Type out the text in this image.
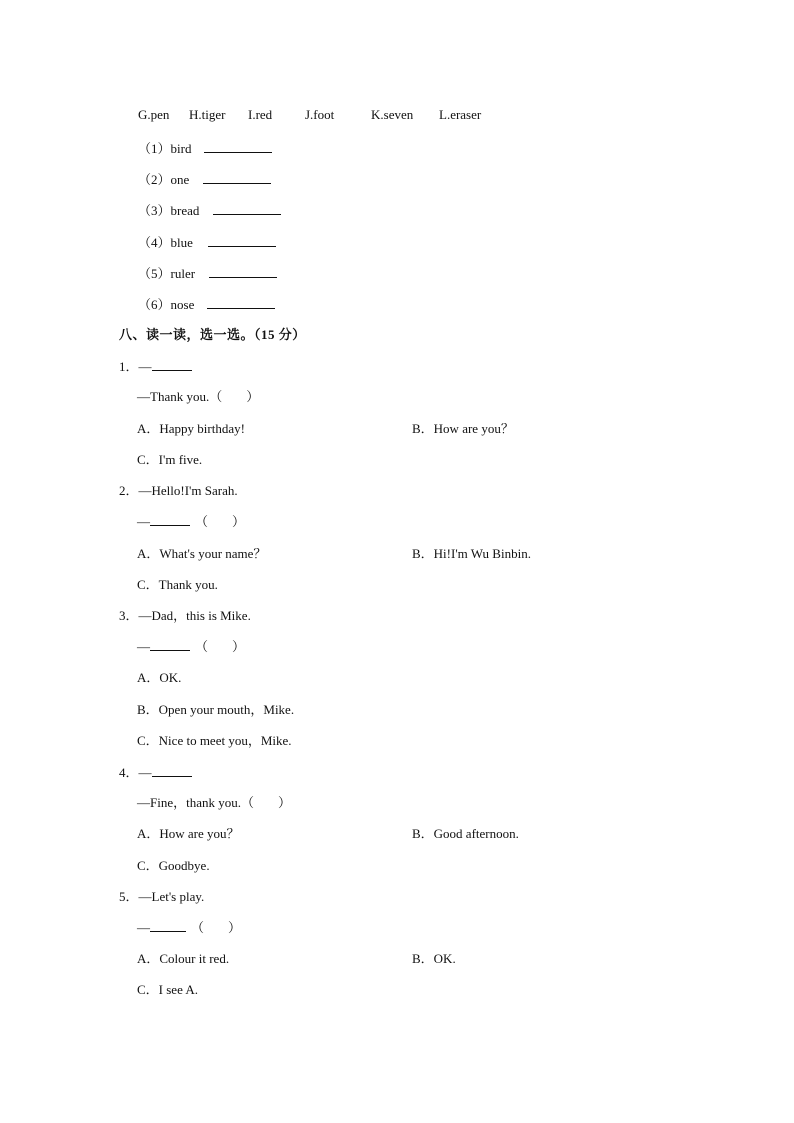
G.pen H.tiger I.red	J.foot	K.seven L.eraser
（1）bird
（2）one
（3）bread
（4）blue
（5）ruler
（6）nose
八、读一读，选一选。（15 分）
1．—
—Thank you.（ ）
A．Happy birthday!	B．How are you？
C．I'm five.
2．—Hello!I'm Sarah.
—	（ ）
A．What's your name？	B．Hi!I'm Wu Binbin.
C．Thank you.
3．—Dad，this is Mike.
—	（ ）
A．OK.
B．Open your mouth，Mike.
C．Nice to meet you，Mike.
4．—
—Fine，thank you.（ ）
A．How are you？	B．Good afternoon.
C．Goodbye.
5．—Let's play.
—	（ ）
A．Colour it red.	B．OK.
C．I see A.
